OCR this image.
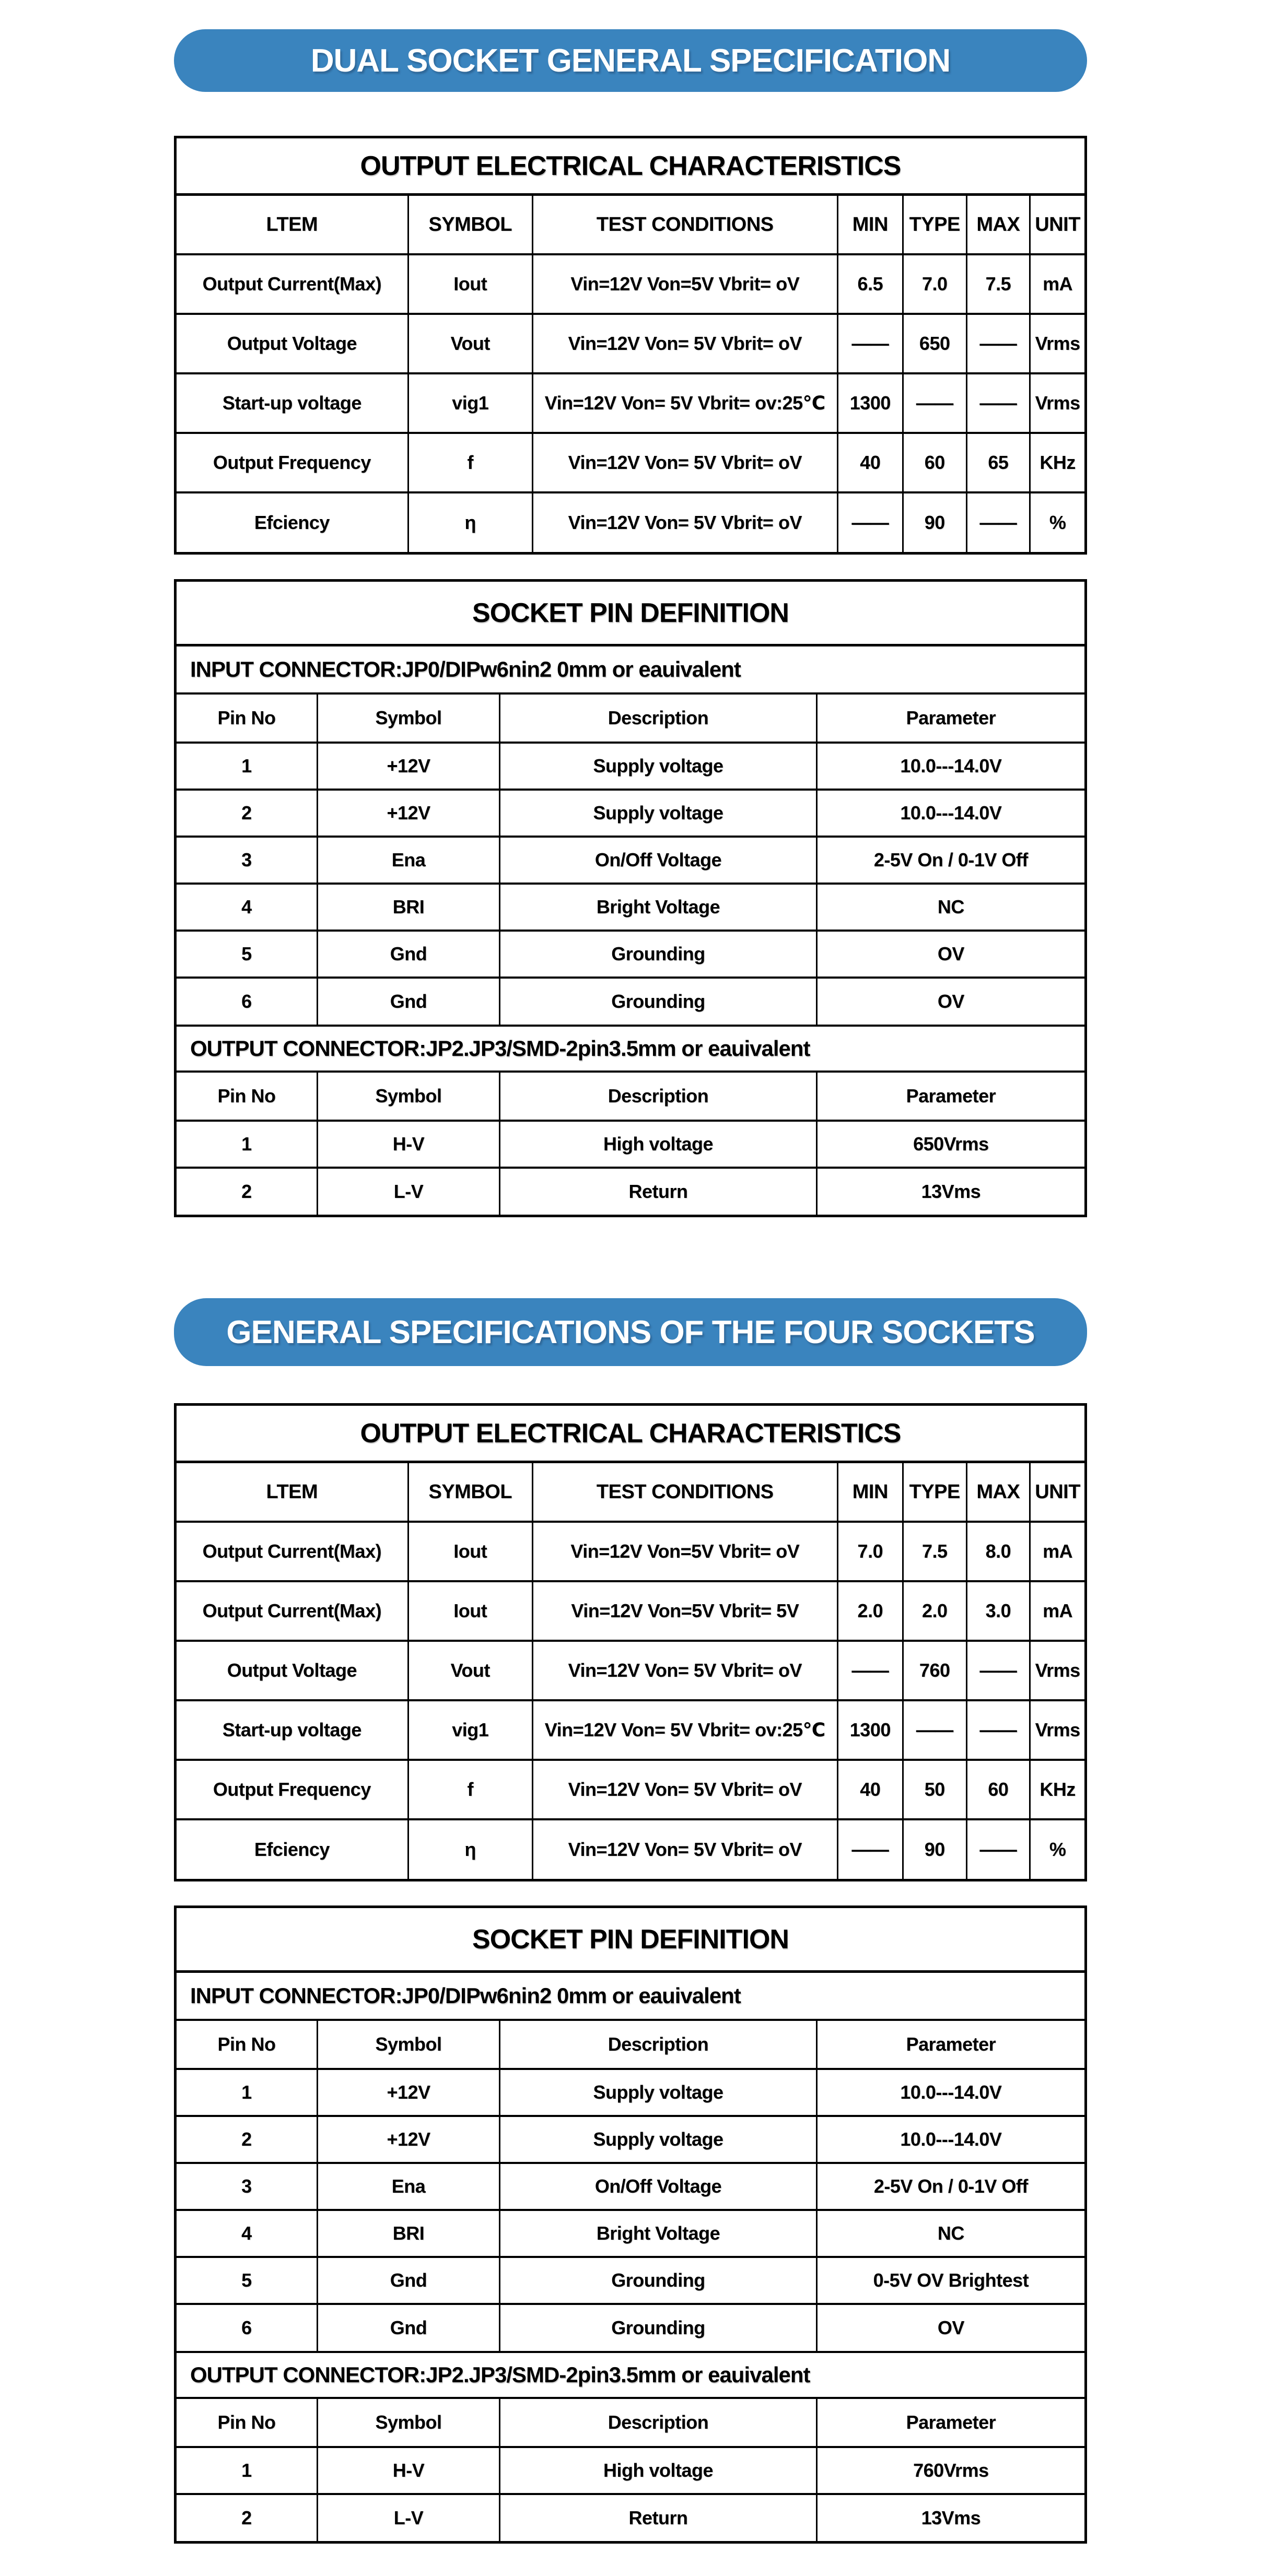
DUAL SOCKET GENERAL SPECIFICATION
OUTPUT ELECTRICAL CHARACTERISTICS
LTEM	SYMBOL	TEST CONDITIONS	MIN	TYPE	MAX	UNIT
Output Current(Max)	Iout	Vin=12V Von=5V Vbrit= oV	6.5	7.0	7.5	mA
Output Voltage	Vout	Vin=12V Von= 5V Vbrit= oV	——	650	——	Vrms
Start-up voltage	vig1	Vin=12V Von= 5V Vbrit= ov:25℃	1300	——	——	Vrms
Output Frequency	f	Vin=12V Von= 5V Vbrit= oV	40	60	65	KHz
Efciency	η	Vin=12V Von= 5V Vbrit= oV	——	90	——	%
SOCKET PIN DEFINITION
INPUT CONNECTOR:JP0/DIPw6nin2 0mm or eauivalent
Pin No	Symbol	Description	Parameter
1	+12V	Supply voltage	10.0---14.0V
2	+12V	Supply voltage	10.0---14.0V
3	Ena	On/Off Voltage	2-5V On / 0-1V Off
4	BRI	Bright Voltage	NC
5	Gnd	Grounding	OV
6	Gnd	Grounding	OV
OUTPUT CONNECTOR:JP2.JP3/SMD-2pin3.5mm or eauivalent
Pin No	Symbol	Description	Parameter
1	H-V	High voltage	650Vrms
2	L-V	Return	13Vms
GENERAL SPECIFICATIONS OF THE FOUR SOCKETS
OUTPUT ELECTRICAL CHARACTERISTICS
LTEM	SYMBOL	TEST CONDITIONS	MIN	TYPE	MAX	UNIT
Output Current(Max)	Iout	Vin=12V Von=5V Vbrit= oV	7.0	7.5	8.0	mA
Output Current(Max)	Iout	Vin=12V Von=5V Vbrit= 5V	2.0	2.0	3.0	mA
Output Voltage	Vout	Vin=12V Von= 5V Vbrit= oV	——	760	——	Vrms
Start-up voltage	vig1	Vin=12V Von= 5V Vbrit= ov:25℃	1300	——	——	Vrms
Output Frequency	f	Vin=12V Von= 5V Vbrit= oV	40	50	60	KHz
Efciency	η	Vin=12V Von= 5V Vbrit= oV	——	90	——	%
SOCKET PIN DEFINITION
INPUT CONNECTOR:JP0/DIPw6nin2 0mm or eauivalent
Pin No	Symbol	Description	Parameter
1	+12V	Supply voltage	10.0---14.0V
2	+12V	Supply voltage	10.0---14.0V
3	Ena	On/Off Voltage	2-5V On / 0-1V Off
4	BRI	Bright Voltage	NC
5	Gnd	Grounding	0-5V OV Brightest
6	Gnd	Grounding	OV
OUTPUT CONNECTOR:JP2.JP3/SMD-2pin3.5mm or eauivalent
Pin No	Symbol	Description	Parameter
1	H-V	High voltage	760Vrms
2	L-V	Return	13Vms
